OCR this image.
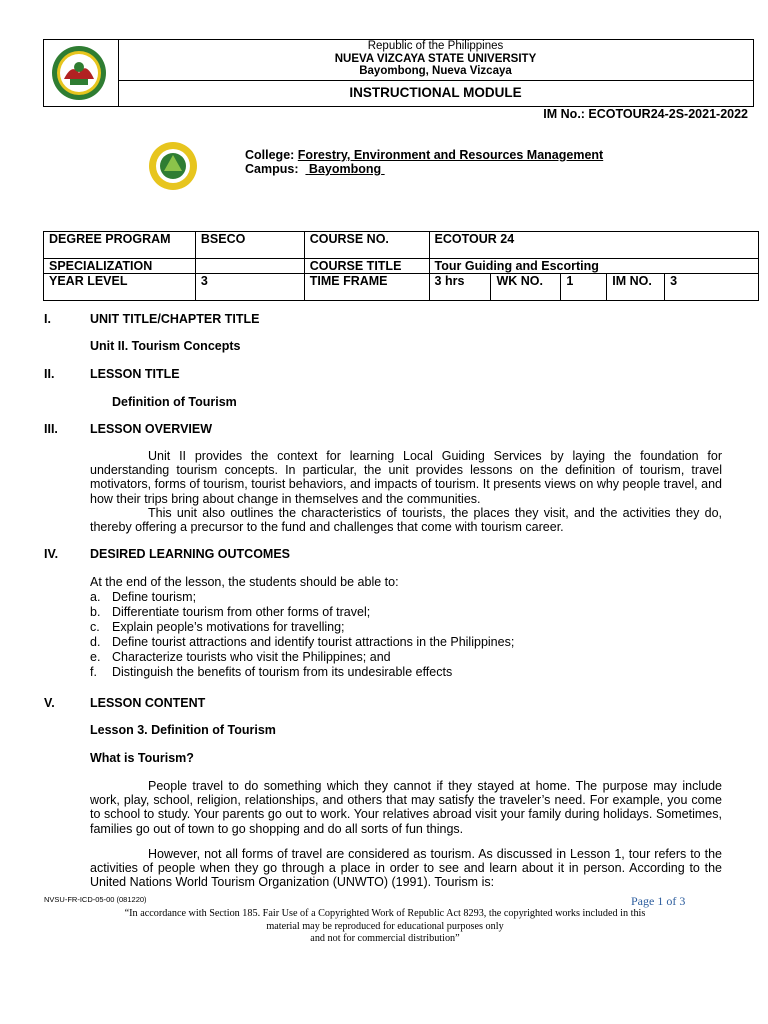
Republic of the Philippines
NUEVA VIZCAYA STATE UNIVERSITY
Bayombong, Nueva Vizcaya
INSTRUCTIONAL MODULE
IM No.: ECOTOUR24-2S-2021-2022
College: Forestry, Environment and Resources Management
Campus: Bayombong
DEGREE PROGRAM	BSECO	COURSE NO.	ECOTOUR 24				
SPECIALIZATION		COURSE TITLE	Tour Guiding and Escorting				
YEAR LEVEL	3	TIME FRAME	3 hrs	WK NO.	1	IM NO.	3
I.	UNIT TITLE/CHAPTER TITLE
Unit II. Tourism Concepts
II.	LESSON TITLE
Definition of Tourism
III.	LESSON OVERVIEW
Unit II provides the context for learning Local Guiding Services by laying the foundation for understanding tourism concepts. In particular, the unit provides lessons on the definition of tourism, travel motivators, forms of tourism, tourist behaviors, and impacts of tourism. It presents views on why people travel, and how their trips bring about change in themselves and the communities.
This unit also outlines the characteristics of tourists, the places they visit, and the activities they do, thereby offering a precursor to the fund and challenges that come with tourism career.
IV.	DESIRED LEARNING OUTCOMES
At the end of the lesson, the students should be able to:
a. Define tourism;
b. Differentiate tourism from other forms of travel;
c. Explain people’s motivations for travelling;
d. Define tourist attractions and identify tourist attractions in the Philippines;
e. Characterize tourists who visit the Philippines; and
f. Distinguish the benefits of tourism from its undesirable effects
V.	LESSON CONTENT
Lesson 3. Definition of Tourism
What is Tourism?
People travel to do something which they cannot if they stayed at home. The purpose may include work, play, school, religion, relationships, and others that may satisfy the traveler’s need. For example, you come to school to study. Your parents go out to work. Your relatives abroad visit your family during holidays. Sometimes, families go out of town to go shopping and do all sorts of fun things.
However, not all forms of travel are considered as tourism. As discussed in Lesson 1, tour refers to the activities of people when they go through a place in order to see and learn about it in person. According to the United Nations World Tourism Organization (UNWTO) (1991). Tourism is:
NVSU-FR-ICD-05-00 (081220)	Page 1 of 3
“In accordance with Section 185. Fair Use of a Copyrighted Work of Republic Act 8293, the copyrighted works included in this
material may be reproduced for educational purposes only
and not for commercial distribution”
